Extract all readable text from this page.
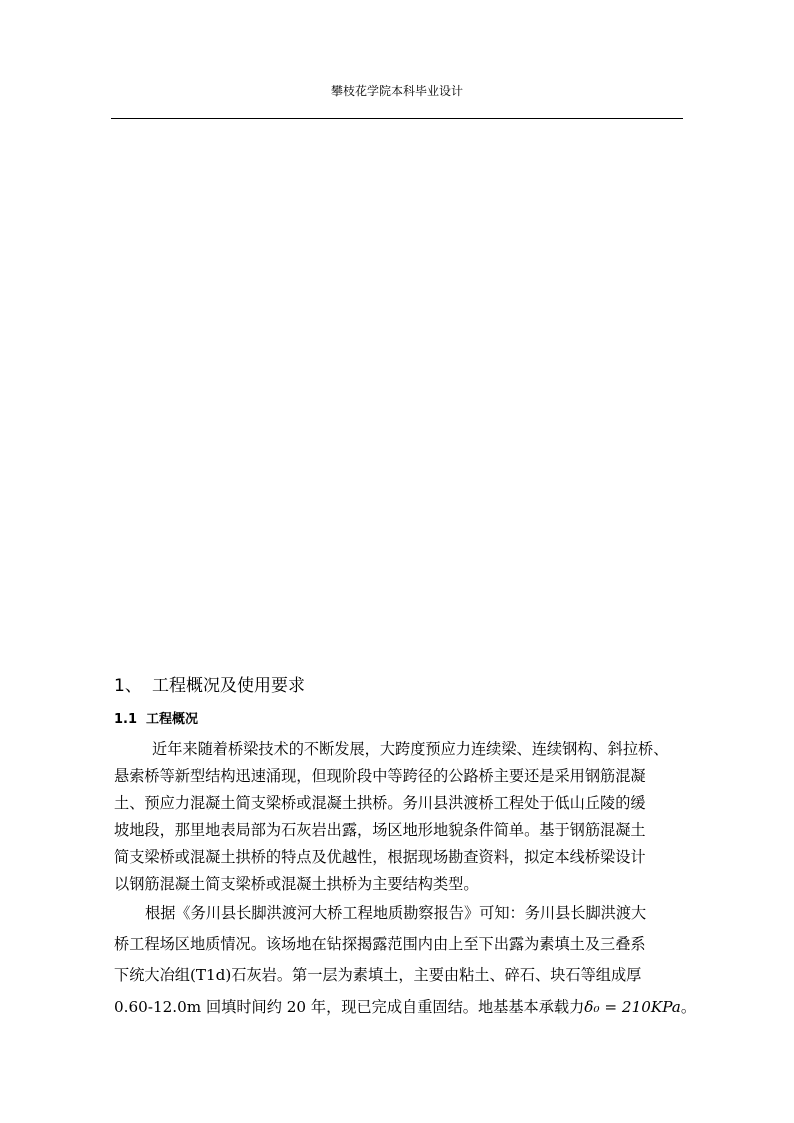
攀枝花学院本科毕业设计
1、 工程概况及使用要求
1.1 工程概况
近年来随着桥梁技术的不断发展，大跨度预应力连续梁、连续钢构、斜拉桥、
悬索桥等新型结构迅速涌现，但现阶段中等跨径的公路桥主要还是采用钢筋混凝
土、预应力混凝土简支梁桥或混凝土拱桥。务川县洪渡桥工程处于低山丘陵的缓
坡地段，那里地表局部为石灰岩出露，场区地形地貌条件简单。基于钢筋混凝土
简支梁桥或混凝土拱桥的特点及优越性，根据现场勘查资料，拟定本线桥梁设计
以钢筋混凝土简支梁桥或混凝土拱桥为主要结构类型。
根据《务川县长脚洪渡河大桥工程地质勘察报告》可知：务川县长脚洪渡大
桥工程场区地质情况。该场地在钻探揭露范围内由上至下出露为素填土及三叠系
下统大冶组(T1d)石灰岩。第一层为素填土，主要由粘土、碎石、块石等组成厚
0.60-12.0m 回填时间约 20 年，现已完成自重固结。地基基本承载力δ₀ = 210KPa。
